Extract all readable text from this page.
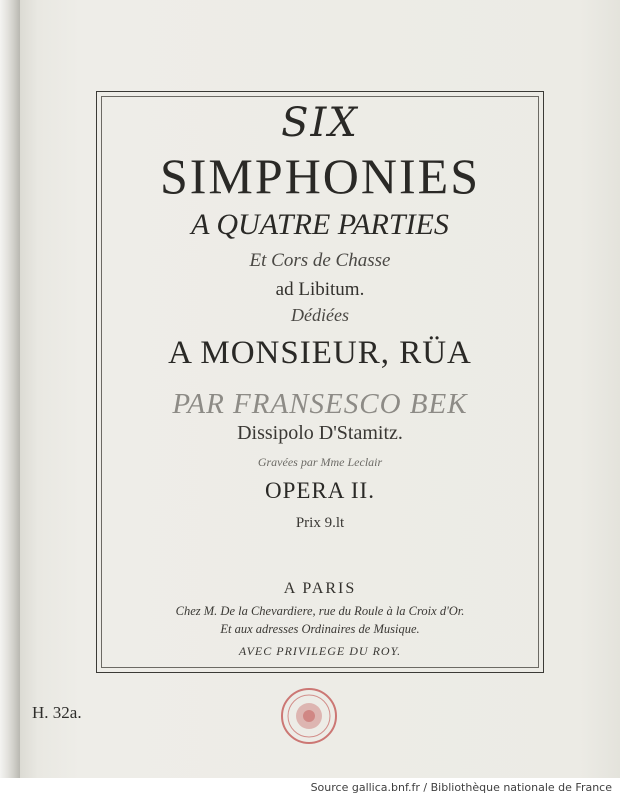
SIX
SIMPHONIES
A QUATRE PARTIES
Et Cors de Chasse
ad Libitum.
Dédiées
A MONSIEUR, RÜA
PAR FRANSESCO BEK
Dissipolo D'Stamitz.
Gravées par Mme Leclair
OPERA II.
Prix 9.lt
A PARIS
Chez M. De la Chevardiere, rue du Roule à la Croix d'Or.
Et aux adresses Ordinaires de Musique.
AVEC PRIVILEGE DU ROY.
H. 32a.
Source gallica.bnf.fr / Bibliothèque nationale de France
